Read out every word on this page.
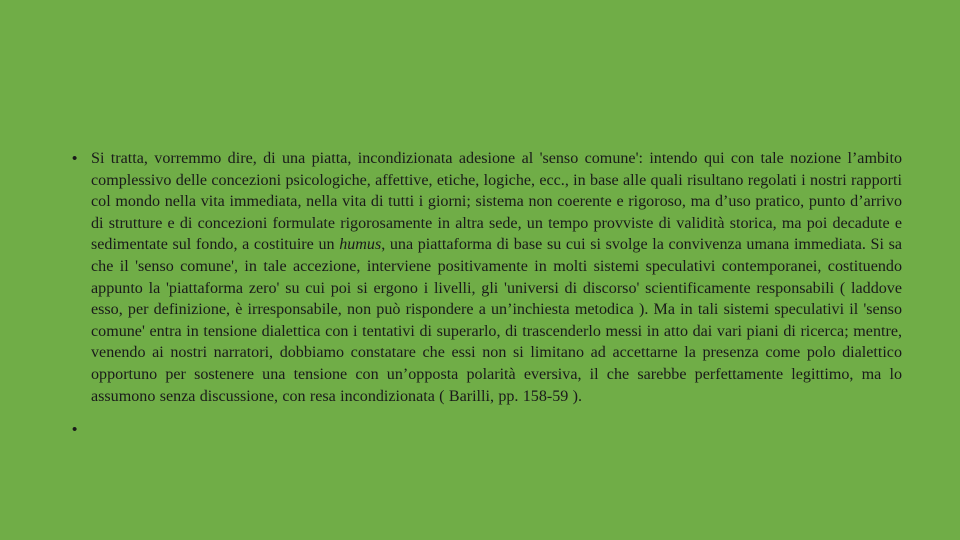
• Si tratta, vorremmo dire, di una piatta, incondizionata adesione al 'senso comune': intendo qui con tale nozione l’ambito complessivo delle concezioni psicologiche, affettive, etiche, logiche, ecc., in base alle quali risultano regolati i nostri rapporti col mondo nella vita immediata, nella vita di tutti i giorni; sistema non coerente e rigoroso, ma d’uso pratico, punto d’arrivo di strutture e di concezioni formulate rigorosamente in altra sede, un tempo provviste di validità storica, ma poi decadute e sedimentate sul fondo, a costituire un humus, una piattaforma di base su cui si svolge la convivenza umana immediata. Si sa che il 'senso comune', in tale accezione, interviene positivamente in molti sistemi speculativi contemporanei, costituendo appunto la 'piattaforma zero' su cui poi si ergono i livelli, gli 'universi di discorso' scientificamente responsabili ( laddove esso, per definizione, è irresponsabile, non può rispondere a un’inchiesta metodica ). Ma in tali sistemi speculativi il 'senso comune' entra in tensione dialettica con i tentativi di superarlo, di trascenderlo messi in atto dai vari piani di ricerca; mentre, venendo ai nostri narratori, dobbiamo constatare che essi non si limitano ad accettarne la presenza come polo dialettico opportuno per sostenere una tensione con un’opposta polarità eversiva, il che sarebbe perfettamente legittimo, ma lo assumono senza discussione, con resa incondizionata ( Barilli, pp. 158-59 ).
•
